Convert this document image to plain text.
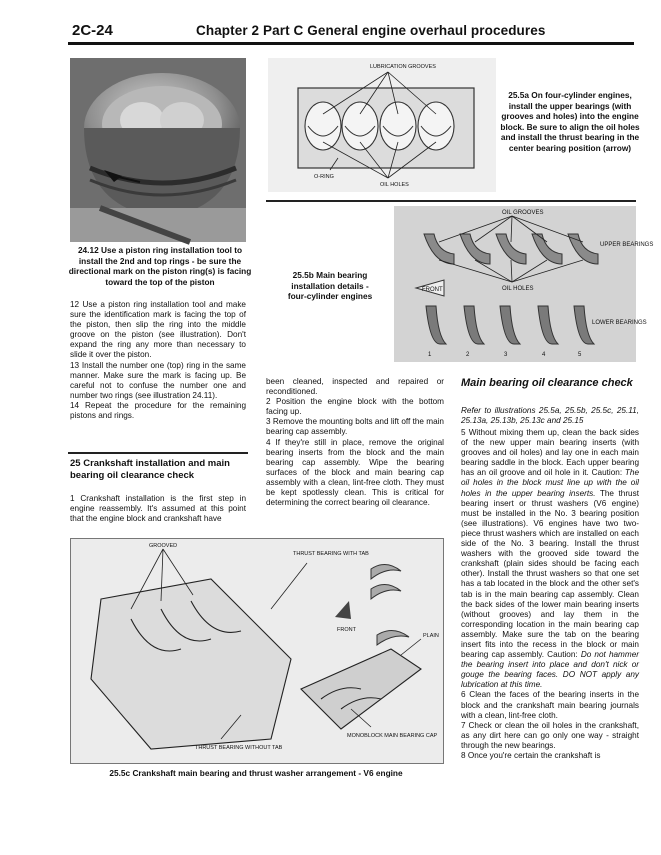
2C-24	Chapter 2 Part C General engine overhaul procedures
24.12 Use a piston ring installation tool to install the 2nd and top rings - be sure the directional mark on the piston ring(s) is facing toward the top of the piston
LUBRICATION GROOVES
O-RING
OIL HOLES
25.5a On four-cylinder engines, install the upper bearings (with grooves and holes) into the engine block. Be sure to align the oil holes and install the thrust bearing in the center bearing position (arrow)
25.5b Main bearing installation details - four-cylinder engines
OIL GROOVES
UPPER BEARINGS
FRONT	OIL HOLES
LOWER BEARINGS
1	2	3	4	5

12 Use a piston ring installation tool and make sure the identification mark is facing the top of the piston, then slip the ring into the middle groove on the piston (see illustration). Don't expand the ring any more than necessary to slide it over the piston.

13 Install the number one (top) ring in the same manner. Make sure the mark is facing up. Be careful not to confuse the number one and number two rings (see illustration 24.11).

14 Repeat the procedure for the remaining pistons and rings.

25 Crankshaft installation and main bearing oil clearance check
1 Crankshaft installation is the first step in engine reassembly. It's assumed at this point that the engine block and crankshaft have

been cleaned, inspected and repaired or reconditioned.

2 Position the engine block with the bottom facing up.

3 Remove the mounting bolts and lift off the main bearing cap assembly.

4 If they're still in place, remove the original bearing inserts from the block and the main bearing cap assembly. Wipe the bearing surfaces of the block and main bearing cap assembly with a clean, lint-free cloth. They must be kept spotlessly clean. This is critical for determining the correct bearing oil clearance.

Main bearing oil clearance check
Refer to illustrations 25.5a, 25.5b, 25.5c, 25.11, 25.13a, 25.13b, 25.13c and 25.15

5 Without mixing them up, clean the back sides of the new upper main bearing inserts (with grooves and oil holes) and lay one in each main bearing saddle in the block. Each upper bearing has an oil groove and oil hole in it. Caution: The oil holes in the block must line up with the oil holes in the upper bearing inserts. The thrust bearing insert or thrust washers (V6 engine) must be installed in the No. 3 bearing position (see illustrations). V6 engines have two two-piece thrust washers which are installed on each side of the No. 3 bearing. Install the thrust washers with the grooved side toward the crankshaft (plain sides should be facing each other). Install the thrust washers so that one set has a tab located in the block and the other set's tab is in the main bearing cap assembly. Clean the back sides of the lower main bearing inserts (without grooves) and lay them in the corresponding location in the main bearing cap assembly. Make sure the tab on the bearing insert fits into the recess in the block or main bearing cap assembly. Caution: Do not hammer the bearing insert into place and don't nick or gouge the bearing faces. DO NOT apply any lubrication at this time.

6 Clean the faces of the bearing inserts in the block and the crankshaft main bearing journals with a clean, lint-free cloth.

7 Check or clean the oil holes in the crankshaft, as any dirt here can go only one way - straight through the new bearings.

8 Once you're certain the crankshaft is

GROOVED
THRUST BEARING WITH TAB
FRONT
PLAIN
MONOBLOCK MAIN BEARING CAP
THRUST BEARING WITHOUT TAB
25.5c Crankshaft main bearing and thrust washer arrangement - V6 engine
